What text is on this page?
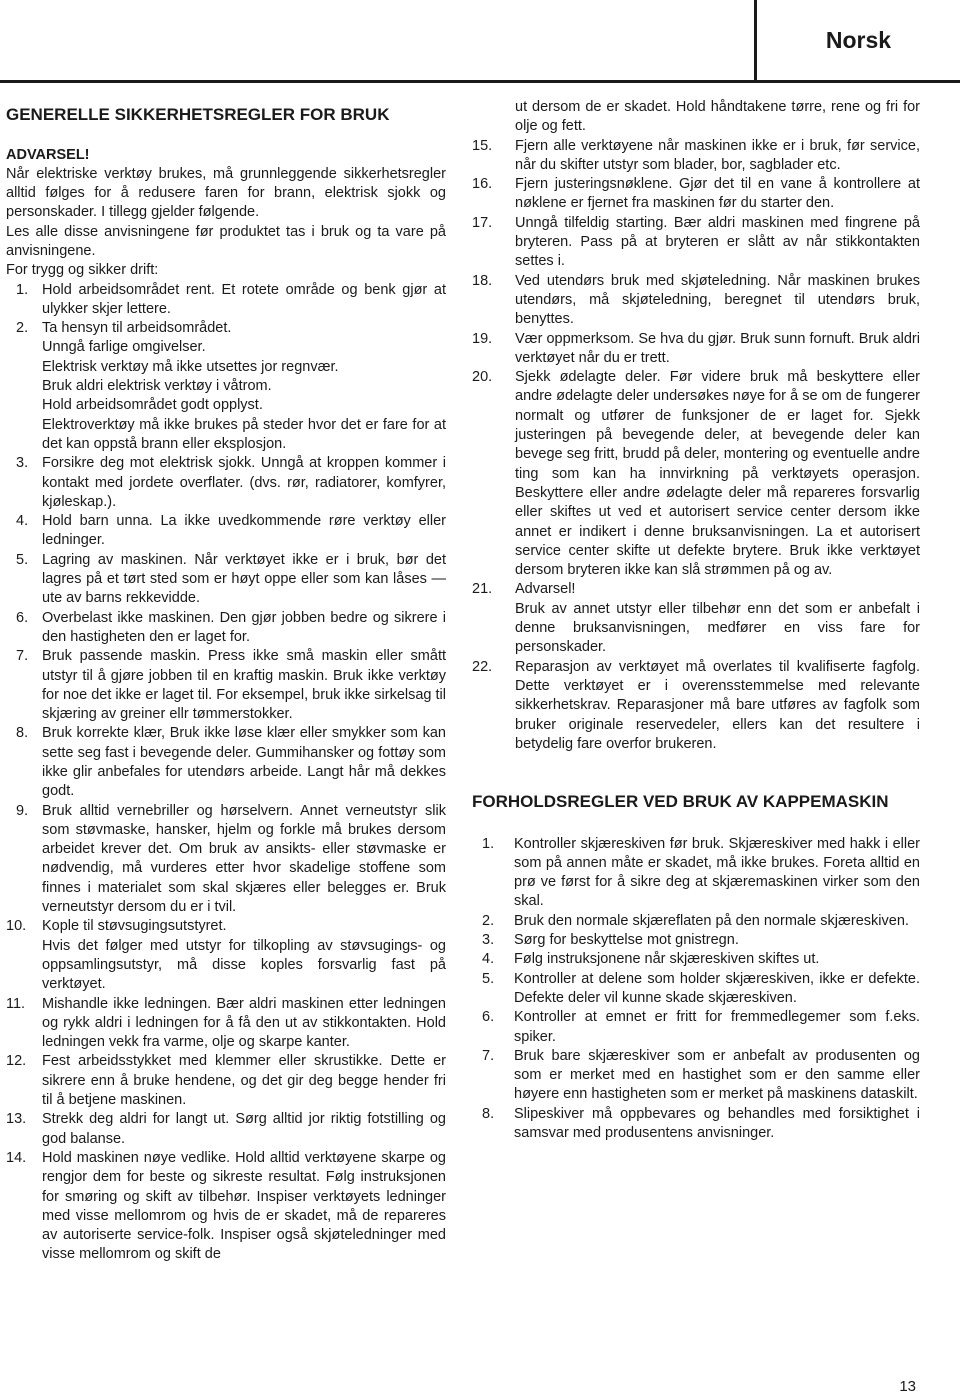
Norsk
GENERELLE SIKKERHETSREGLER FOR BRUK
ADVARSEL!

Når elektriske verktøy brukes, må grunnleggende sikkerhetsregler alltid følges for å redusere faren for brann, elektrisk sjokk og personskader. I tillegg gjelder følgende.

Les alle disse anvisningene før produktet tas i bruk og ta vare på anvisningene.

For trygg og sikker drift:

1. Hold arbeidsområdet rent. Et rotete område og benk gjør at ulykker skjer lettere.
2. Ta hensyn til arbeidsområdet.

Unngå farlige omgivelser.

Elektrisk verktøy må ikke utsettes jor regnvær.

Bruk aldri elektrisk verktøy i våtrom.

Hold arbeidsområdet godt opplyst.

Elektroverktøy må ikke brukes på steder hvor det er fare for at det kan oppstå brann eller eksplosjon.

3. Forsikre deg mot elektrisk sjokk. Unngå at kroppen kommer i kontakt med jordete overflater. (dvs. rør, radiatorer, komfyrer, kjøleskap.).
4. Hold barn unna. La ikke uvedkommende røre verktøy eller ledninger.
5. Lagring av maskinen. Når verktøyet ikke er i bruk, bør det lagres på et tørt sted som er høyt oppe eller som kan låses — ute av barns rekkevidde.
6. Overbelast ikke maskinen. Den gjør jobben bedre og sikrere i den hastigheten den er laget for.
7. Bruk passende maskin. Press ikke små maskin eller smått utstyr til å gjøre jobben til en kraftig maskin. Bruk ikke verktøy for noe det ikke er laget til. For eksempel, bruk ikke sirkelsag til skjæring av greiner ellr tømmerstokker.
8. Bruk korrekte klær, Bruk ikke løse klær eller smykker som kan sette seg fast i bevegende deler. Gummihansker og fottøy som ikke glir anbefales for utendørs arbeide. Langt hår må dekkes godt.
9. Bruk alltid vernebriller og hørselvern. Annet verneutstyr slik som støvmaske, hansker, hjelm og forkle må brukes dersom arbeidet krever det. Om bruk av ansikts- eller støvmaske er nødvendig, må vurderes etter hvor skadelige stoffene som finnes i materialet som skal skjæres eller belegges er. Bruk verneutstyr dersom du er i tvil.
10.	Kople til støvsugingsutstyret.

Hvis det følger med utstyr for tilkopling av støvsugings- og oppsamlingsutstyr, må disse koples forsvarlig fast på verktøyet.

11.	Mishandle ikke ledningen. Bær aldri maskinen etter ledningen og rykk aldri i ledningen for å få den ut av stikkontakten. Hold ledningen vekk fra varme, olje og skarpe kanter.
12.	Fest arbeidsstykket med klemmer eller skrustikke. Dette er sikrere enn å bruke hendene, og det gir deg begge hender fri til å betjene maskinen.
13.	Strekk deg aldri for langt ut. Sørg alltid jor riktig fotstilling og god balanse.
14.	Hold maskinen nøye vedlike. Hold alltid verktøyene skarpe og rengjor dem for beste og sikreste resultat. Følg instruksjonen for smøring og skift av tilbehør. Inspiser verktøyets ledninger med visse mellomrom og hvis de er skadet, må de repareres av autoriserte service-folk. Inspiser også skjøteledninger med visse mellomrom og skift de

ut dersom de er skadet. Hold håndtakene tørre, rene og fri for olje og fett.

15.	Fjern alle verktøyene når maskinen ikke er i bruk, før service, når du skifter utstyr som blader, bor, sagblader etc.
16.	Fjern justeringsnøklene. Gjør det til en vane å kontrollere at nøklene er fjernet fra maskinen før du starter den.
17.	Unngå tilfeldig starting. Bær aldri maskinen med fingrene på bryteren. Pass på at bryteren er slått av når stikkontakten settes i.
18.	Ved utendørs bruk med skjøteledning. Når maskinen brukes utendørs, må skjøteledning, beregnet til utendørs bruk, benyttes.
19.	Vær oppmerksom. Se hva du gjør. Bruk sunn fornuft. Bruk aldri verktøyet når du er trett.
20.	Sjekk ødelagte deler. Før videre bruk må beskyttere eller andre ødelagte deler undersøkes nøye for å se om de fungerer normalt og utfører de funksjoner de er laget for. Sjekk justeringen på bevegende deler, at bevegende deler kan bevege seg fritt, brudd på deler, montering og eventuelle andre ting som kan ha innvirkning på verktøyets operasjon. Beskyttere eller andre ødelagte deler må repareres forsvarlig eller skiftes ut ved et autorisert service center dersom ikke annet er indikert i denne bruksanvisningen. La et autorisert service center skifte ut defekte brytere. Bruk ikke verktøyet dersom bryteren ikke kan slå strømmen på og av.
21.	Advarsel!

Bruk av annet utstyr eller tilbehør enn det som er anbefalt i denne bruksanvisningen, medfører en viss fare for personskader.

22.	Reparasjon av verktøyet må overlates til kvalifiserte fagfolg. Dette verktøyet er i overensstemmelse med relevante sikkerhetskrav. Reparasjoner må bare utføres av fagfolk som bruker originale reservedeler, ellers kan det resultere i betydelig fare overfor brukeren.
FORHOLDSREGLER VED BRUK AV KAPPEMASKIN
1.	Kontroller skjæreskiven før bruk. Skjæreskiver med hakk i eller som på annen måte er skadet, må ikke brukes. Foreta alltid en prø ve først for å sikre deg at skjæremaskinen virker som den skal.
2.	Bruk den normale skjæreflaten på den normale skjæreskiven.
3.	Sørg for beskyttelse mot gnistregn.
4.	Følg instruksjonene når skjæreskiven skiftes ut.
5.	Kontroller at delene som holder skjæreskiven, ikke er defekte. Defekte deler vil kunne skade skjæreskiven.
6.	Kontroller at emnet er fritt for fremmedlegemer som f.eks. spiker.
7.	Bruk bare skjæreskiver som er anbefalt av produsenten og som er merket med en hastighet som er den samme eller høyere enn hastigheten som er merket på maskinens dataskilt.
8.	Slipeskiver må oppbevares og behandles med forsiktighet i samsvar med produsentens anvisninger.
13
